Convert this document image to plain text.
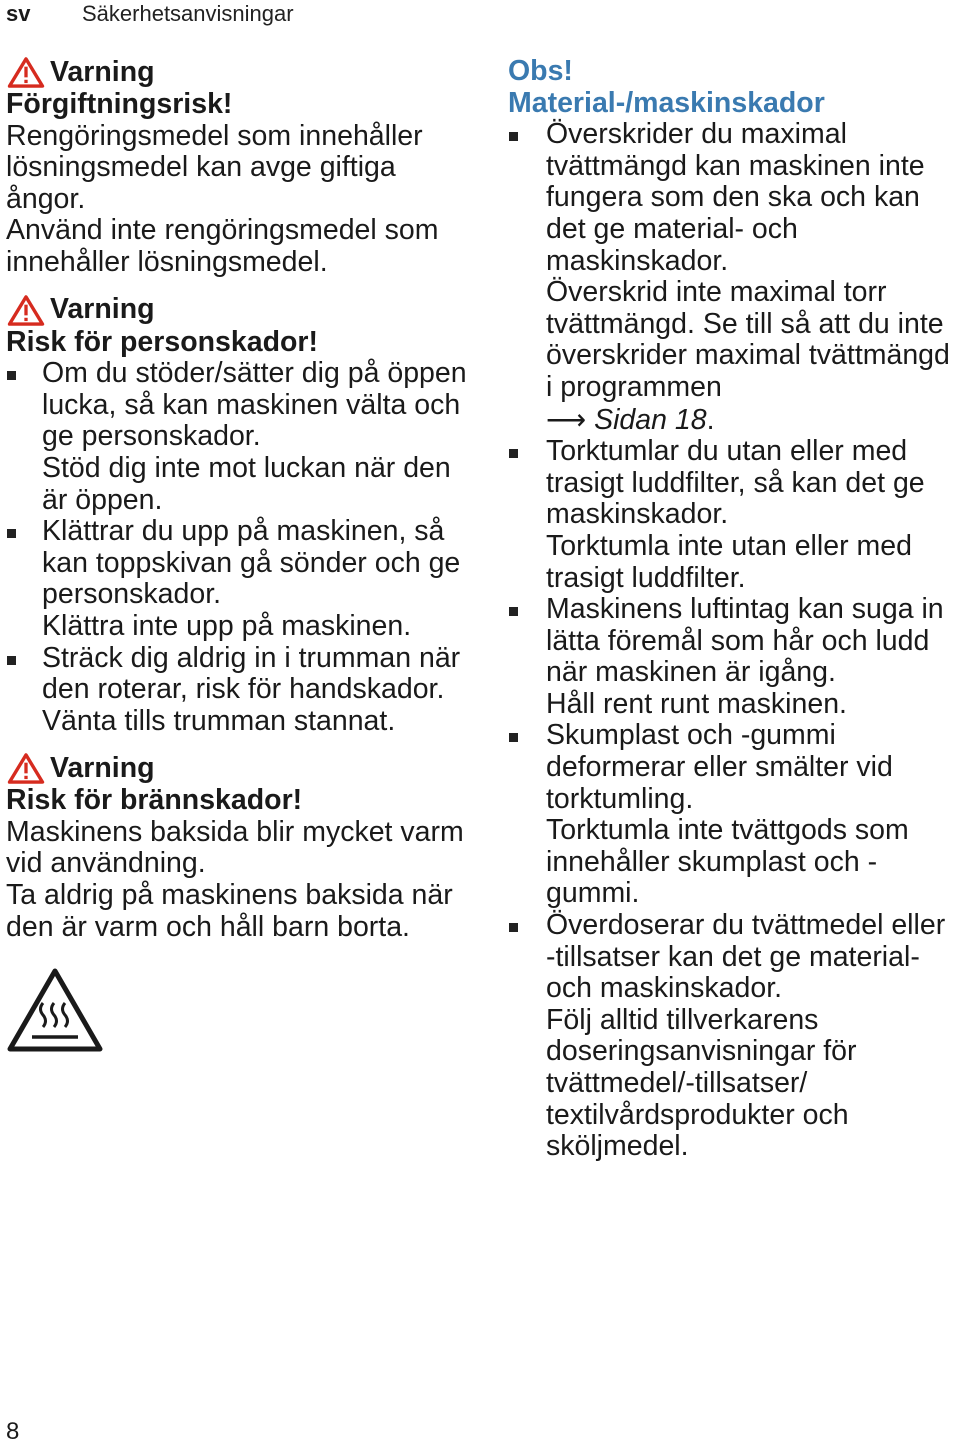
sv Säkerhetsanvisningar
Varning

Förgiftningsrisk!

Rengöringsmedel som innehåller lösningsmedel kan avge giftiga ångor.

Använd inte rengöringsmedel som innehåller lösningsmedel.

Varning

Risk för personskador!

Om du stöder/sätter dig på öppen lucka, så kan maskinen välta och ge personskador.

Stöd dig inte mot luckan när den är öppen.

Klättrar du upp på maskinen, så kan toppskivan gå sönder och ge personskador.

Klättra inte upp på maskinen.

Sträck dig aldrig in i trumman när den roterar, risk för handskador.

Vänta tills trumman stannat.

Varning

Risk för brännskador!

Maskinens baksida blir mycket varm vid användning.

Ta aldrig på maskinens baksida när den är varm och håll barn borta.

Obs!

Material-/maskinskador

Överskrider du maximal tvättmängd kan maskinen inte fungera som den ska och kan det ge material- och maskinskador.

Överskrid inte maximal torr tvättmängd. Se till så att du inte överskrider maximal tvättmängd i programmen
⟶ Sidan 18.

Torktumlar du utan eller med trasigt luddfilter, så kan det ge maskinskador.

Torktumla inte utan eller med trasigt luddfilter.

Maskinens luftintag kan suga in lätta föremål som hår och ludd när maskinen är igång.

Håll rent runt maskinen.

Skumplast och -gummi deformerar eller smälter vid torktumling.

Torktumla inte tvättgods som innehåller skumplast och -gummi.

Överdoserar du tvättmedel eller -tillsatser kan det ge material- och maskinskador.

Följ alltid tillverkarens doseringsanvisningar för tvättmedel/-tillsatser/ textilvårdsprodukter och sköljmedel.

8
